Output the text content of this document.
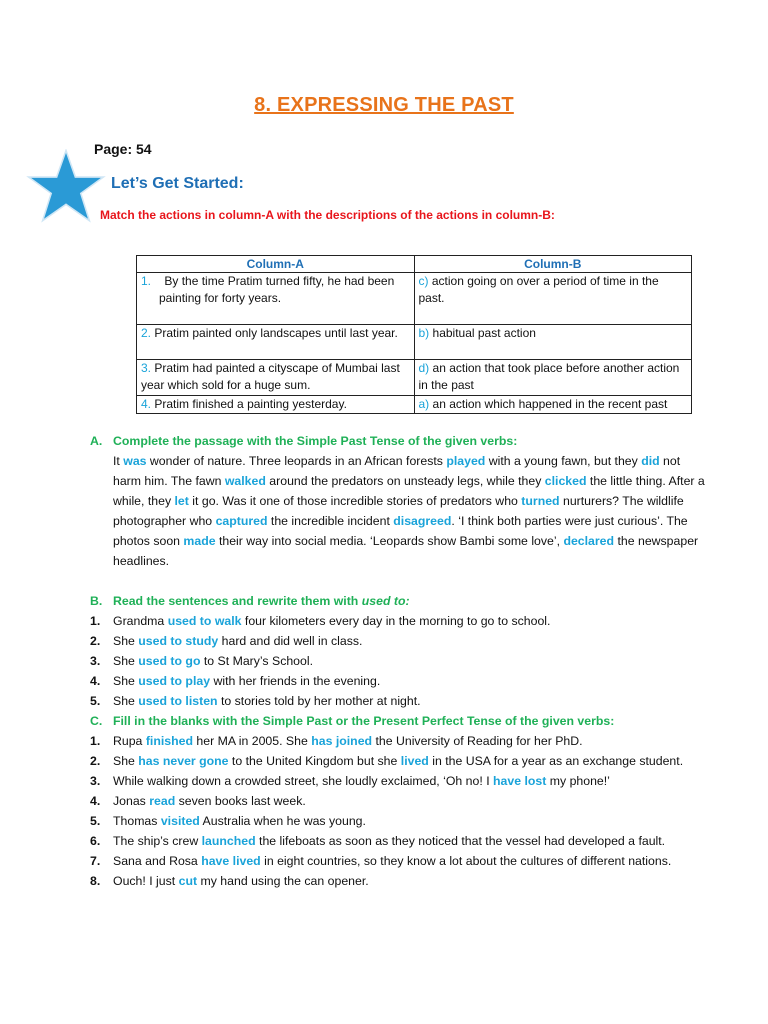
8. EXPRESSING THE PAST
Page: 54
Let’s Get Started:
Match the actions in column-A with the descriptions of the actions in column-B:
Column-A	Column-B

1. By the time Pratim turned fifty, he had been painting for forty years.	c) action going on over a period of time in the past.
2. Pratim painted only landscapes until last year.	b) habitual past action
3. Pratim had painted a cityscape of Mumbai last year which sold for a huge sum.	d) an action that took place before another action in the past
4. Pratim finished a painting yesterday.	a) an action which happened in the recent past
A. Complete the passage with the Simple Past Tense of the given verbs:
It was wonder of nature. Three leopards in an African forests played with a young fawn, but they did not harm him. The fawn walked around the predators on unsteady legs, while they clicked the little thing. After a while, they let it go. Was it one of those incredible stories of predators who turned nurturers? The wildlife photographer who captured the incredible incident disagreed. ‘I think both parties were just curious’. The photos soon made their way into social media. ‘Leopards show Bambi some love’, declared the newspaper headlines.
B. Read the sentences and rewrite them with used to:
1. Grandma used to walk four kilometers every day in the morning to go to school.
2. She used to study hard and did well in class.
3. She used to go to St Mary’s School.
4. She used to play with her friends in the evening.
5. She used to listen to stories told by her mother at night.
C. Fill in the blanks with the Simple Past or the Present Perfect Tense of the given verbs:
1. Rupa finished her MA in 2005. She has joined the University of Reading for her PhD.
2. She has never gone to the United Kingdom but she lived in the USA for a year as an exchange student.
3. While walking down a crowded street, she loudly exclaimed, ‘Oh no! I have lost my phone!’
4. Jonas read seven books last week.
5. Thomas visited Australia when he was young.
6. The ship’s crew launched the lifeboats as soon as they noticed that the vessel had developed a fault.
7. Sana and Rosa have lived in eight countries, so they know a lot about the cultures of different nations.
8. Ouch! I just cut my hand using the can opener.
